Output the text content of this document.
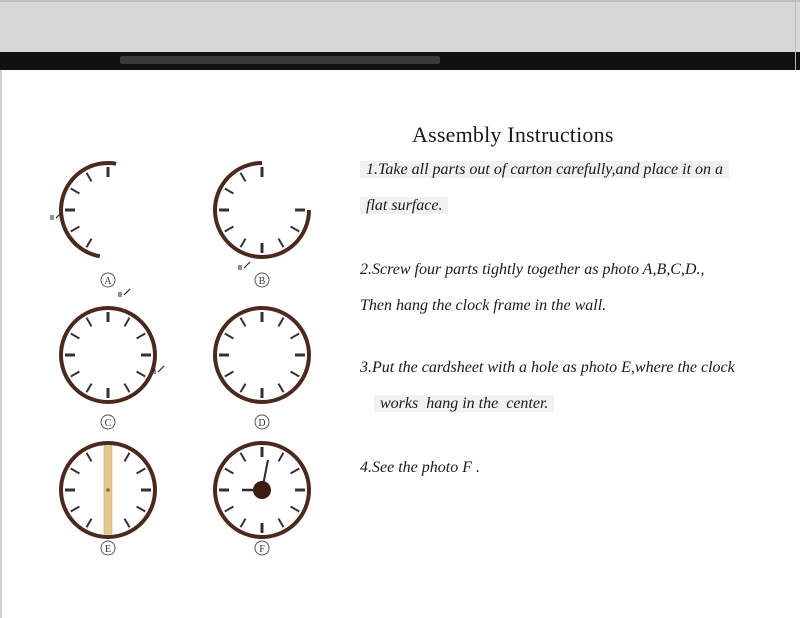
A	B
C	D
E	F
Assembly Instructions
1.Take all parts out of carton carefully,and place it on a
flat surface.
2.Screw four parts tightly together as photo A,B,C,D.,
Then hang the clock frame in the wall.
3.Put the cardsheet with a hole as photo E,where the clock
works  hang in the  center.
4.See the photo F .
